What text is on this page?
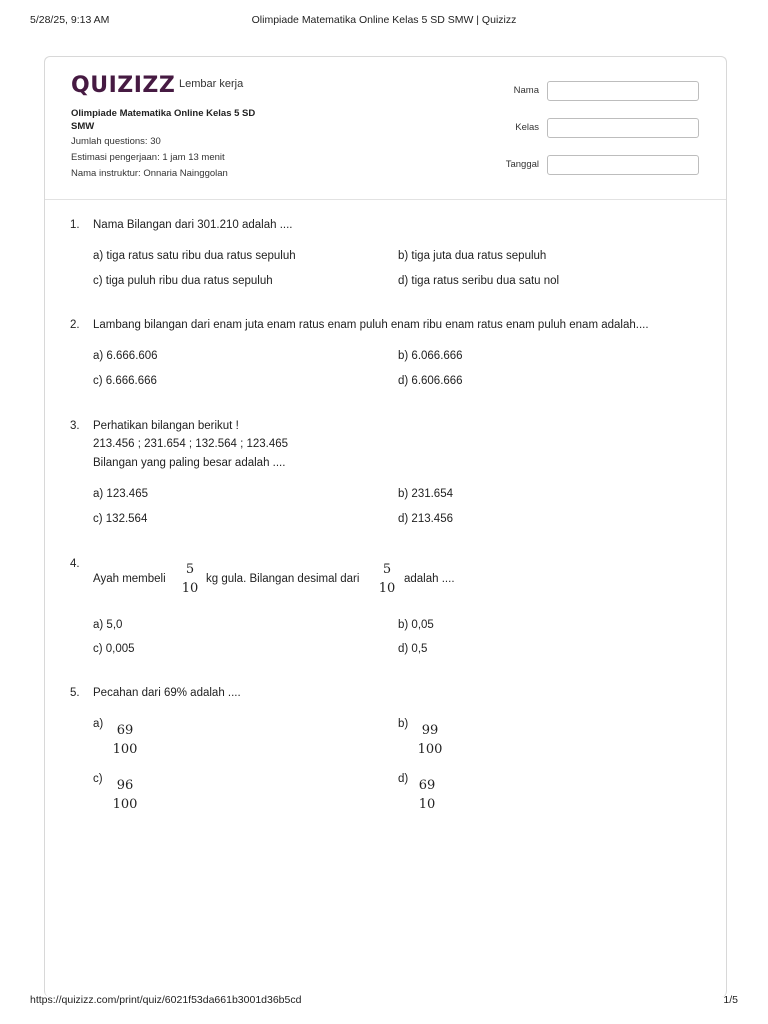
5/28/25, 9:13 AM	Olimpiade Matematika Online Kelas 5 SD SMW | Quizizz
QUIZIZZ Lembar kerja
Olimpiade Matematika Online Kelas 5 SD SMW
Jumlah questions: 30
Estimasi pengerjaan: 1 jam 13 menit
Nama instruktur: Onnaria Nainggolan
Nama
Kelas
Tanggal
1. Nama Bilangan dari 301.210 adalah ....
a) tiga ratus satu ribu dua ratus sepuluh	b) tiga juta dua ratus sepuluh
c) tiga puluh ribu dua ratus sepuluh	d) tiga ratus seribu dua satu nol
2. Lambang bilangan dari enam juta enam ratus enam puluh enam ribu enam ratus enam puluh enam adalah....
a) 6.666.606	b) 6.066.666
c) 6.666.666	d) 6.606.666
3. Perhatikan bilangan berikut !
213.456 ; 231.654 ; 132.564 ; 123.465
Bilangan yang paling besar adalah ....
a) 123.465	b) 231.654
c) 132.564	d) 213.456
4.
Ayah membeli
5
10
kg gula. Bilangan desimal dari
5
10
adalah ....
a) 5,0	b) 0,05
c) 0,005	d) 0,5
5. Pecahan dari 69% adalah ....
a)	69
100
b)	99
100
c)	96
100
d) 69
10
https://quizizz.com/print/quiz/6021f53da661b3001d36b5cd	1/5
